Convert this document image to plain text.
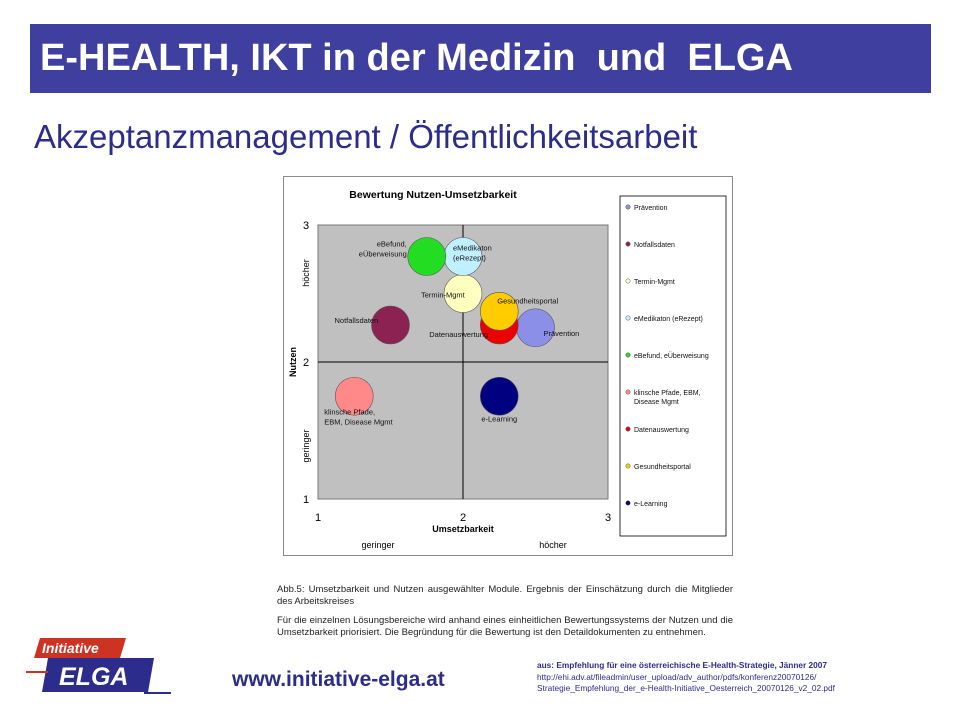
E-HEALTH, IKT in der Medizin  und  ELGA
Akzeptanzmanagement / Öffentlichkeitsarbeit
Bewertung Nutzen-Umsetzbarkeit
1	2	3
1
2
3
Umsetzbarkeit
geringer	höcher
Nutzen
höcher
geringer
Prävention
Notfallsdaten
Termin-Mgmt
eMedikaton (eRezept)
eBefund, eÜberweisung
klinsche Pfade, EBM, Disease Mgmt
Datenauswertung
Gesundheitsportal
e-Learning
Prävention
Notfallsdaten
Termin-Mgmt
eMedikaton (eRezept)
eBefund, eÜberweisung
klinsche Pfade, EBM, Disease Mgmt
Datenauswertung
Gesundheitsportal
e-Learning

Abb.5: Umsetzbarkeit und Nutzen ausgewählter Module. Ergebnis der Einschätzung durch die Mitglieder des Arbeitskreises

Für die einzelnen Lösungsbereiche wird anhand eines einheitlichen Bewertungssystems der Nutzen und die Umsetzbarkeit priorisiert. Die Begründung für die Bewertung ist den Detaildokumenten zu entnehmen.

Initiative
ELGA	www.initiative-elga.at
aus: Empfehlung für eine österreichische E-Health-Strategie, Jänner 2007
http://ehi.adv.at/fileadmin/user_upload/adv_author/pdfs/konferenz20070126/
Strategie_Empfehlung_der_e-Health-Initiative_Oesterreich_20070126_v2_02.pdf
